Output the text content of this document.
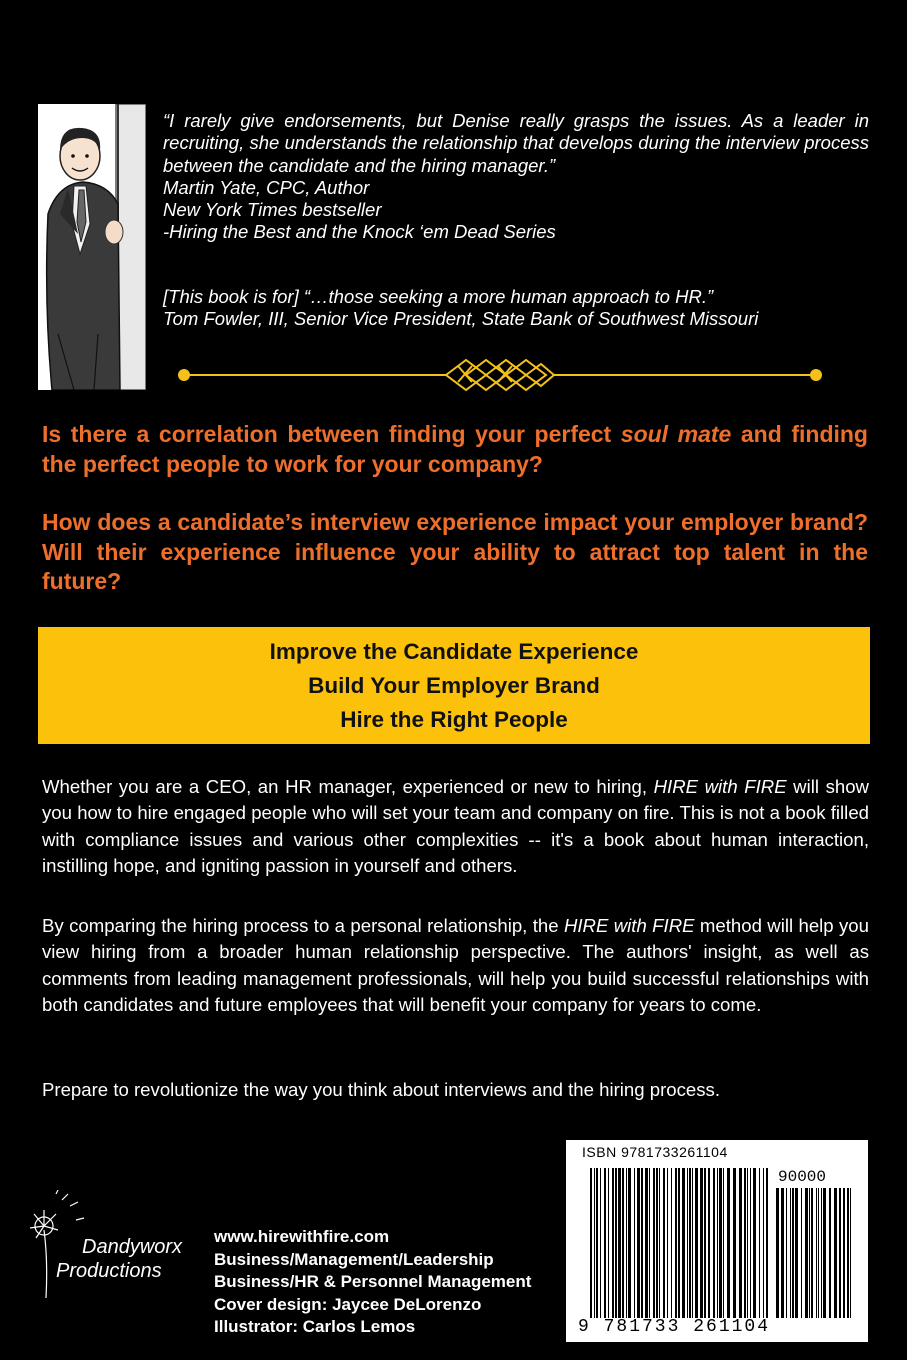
“I rarely give endorsements, but Denise really grasps the issues. As a leader in recruiting, she understands the relationship that develops during the interview process between the candidate and the hiring manager.”
Martin Yate, CPC, Author
New York Times bestseller
-Hiring the Best and the Knock ‘em Dead Series
[This book is for] “…those seeking a more human approach to HR.”
Tom Fowler, III, Senior Vice President, State Bank of Southwest Missouri
Is there a correlation between finding your perfect soul mate and finding the perfect people to work for your company?
How does a candidate’s interview experience impact your employer brand? Will their experience influence your ability to attract top talent in the future?
Improve the Candidate Experience
Build Your Employer Brand
Hire the Right People
Whether you are a CEO, an HR manager, experienced or new to hiring, HIRE with FIRE will show you how to hire engaged people who will set your team and company on fire. This is not a book filled with compliance issues and various other complexities -- it's a book about human interaction, instilling hope, and igniting passion in yourself and others.
By comparing the hiring process to a personal relationship, the HIRE with FIRE method will help you view hiring from a broader human relationship perspective. The authors' insight, as well as comments from leading management professionals, will help you build successful relationships with both candidates and future employees that will benefit your company for years to come.
Prepare to revolutionize the way you think about interviews and the hiring process.
Dandyworx
Productions
www.hirewithfire.com
Business/Management/Leadership
Business/HR & Personnel Management
Cover design: Jaycee DeLorenzo
Illustrator: Carlos Lemos
ISBN 9781733261104
90000
9 781733 261104
